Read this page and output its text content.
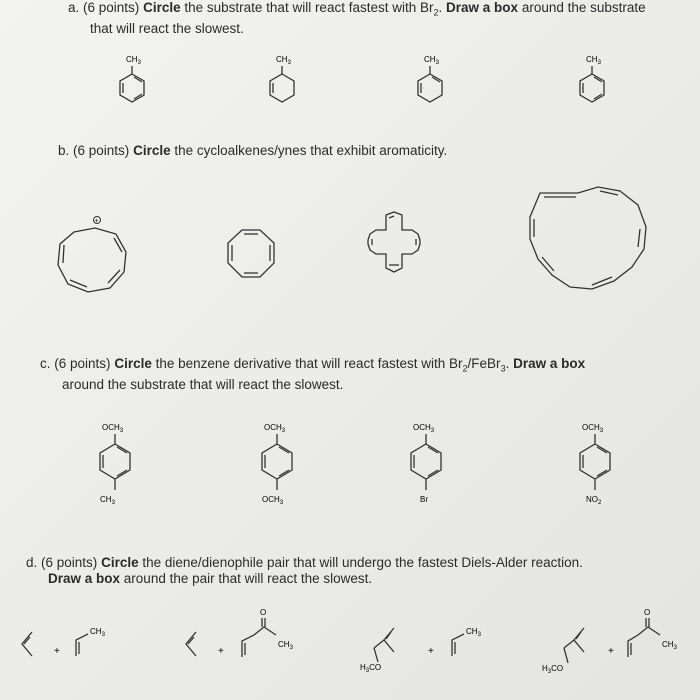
a. (6 points) Circle the substrate that will react fastest with $Br_2$. Draw a box around the substrate
that will react the slowest.
$CH_3$	$CH_3$	$CH_3$	$CH_3$
b. (6 points) Circle the cycloalkenes/ynes that exhibit aromaticity.
+
c. (6 points) Circle the benzene derivative that will react fastest with $Br_2/FeBr_3$. Draw a box
around the substrate that will react the slowest.
$OCH_3$
$CH_3$
$OCH_3$
$OCH_3$
$OCH_3$
Br
$OCH_3$
$NO_2$
d. (6 points) Circle the diene/dienophile pair that will undergo the fastest Diels-Alder reaction.
Draw a box around the pair that will react the slowest.
+
$CH_3$
+
O
$CH_3$
$H_3CO$
+
$CH_3$
$H_3CO$
+
O
$CH_3$
